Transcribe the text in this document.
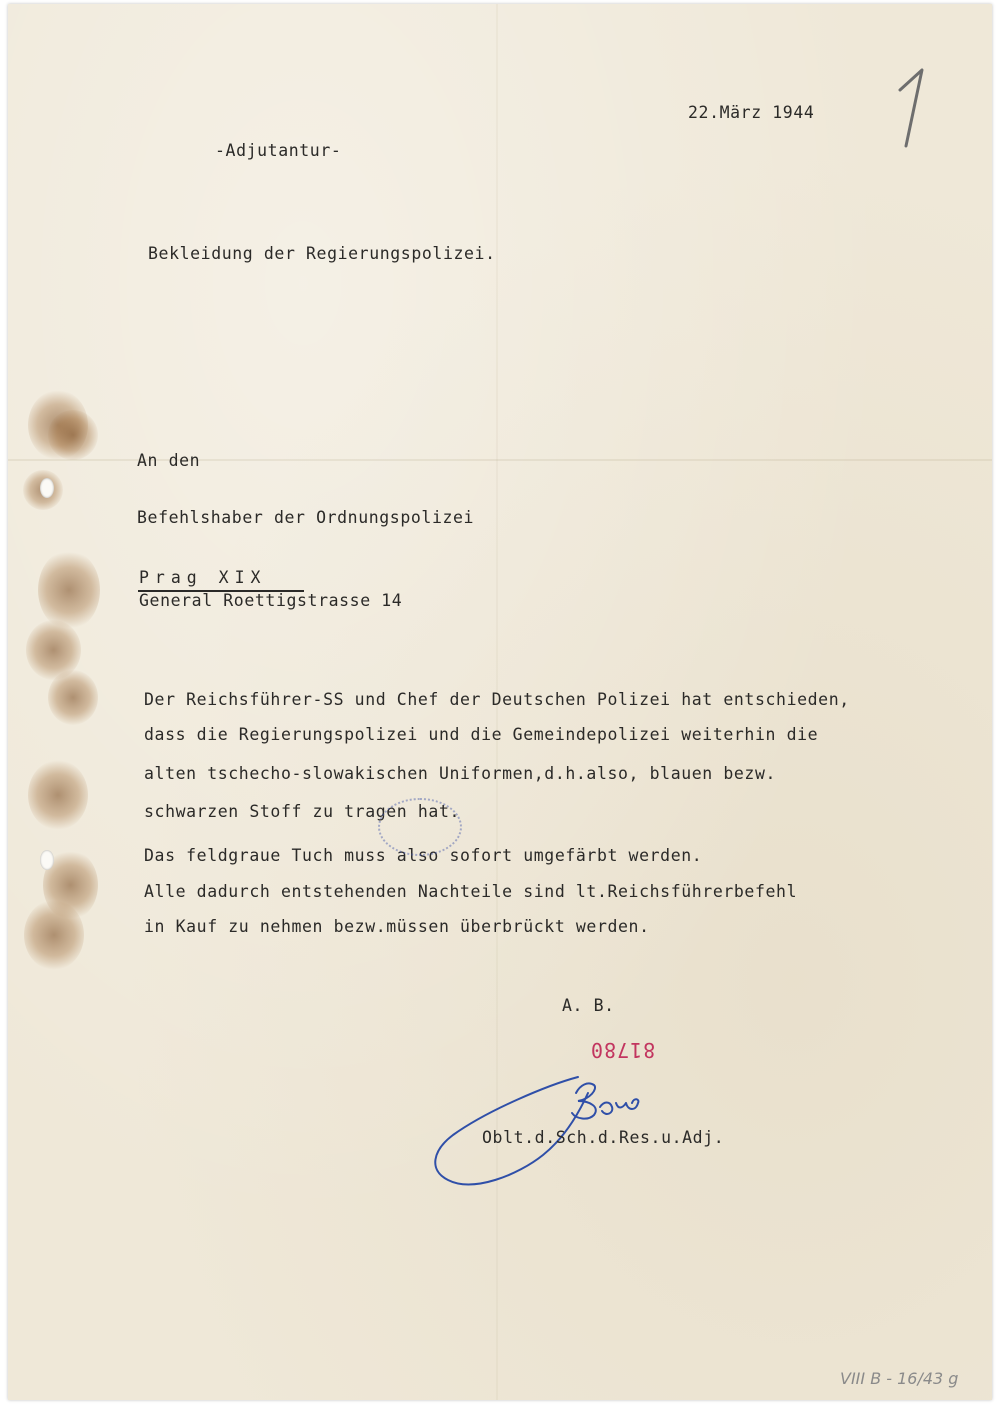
22.März 1944

-Adjutantur-

Bekleidung der Regierungspolizei.

An den

Befehlshaber der Ordnungspolizei

Prag XIX

General Roettigstrasse 14

Der Reichsführer-SS und Chef der Deutschen Polizei hat entschieden,

dass die Regierungspolizei und die Gemeindepolizei weiterhin die

alten tschecho-slowakischen Uniformen,d.h.also, blauen bezw.

schwarzen Stoff zu tragen hat.

Das feldgraue Tuch muss also sofort umgefärbt werden.

Alle dadurch entstehenden Nachteile sind lt.Reichsführerbefehl

in Kauf zu nehmen bezw.müssen überbrückt werden.

A. B.

81780

Oblt.d.Sch.d.Res.u.Adj.

VIII B - 16/43 g
